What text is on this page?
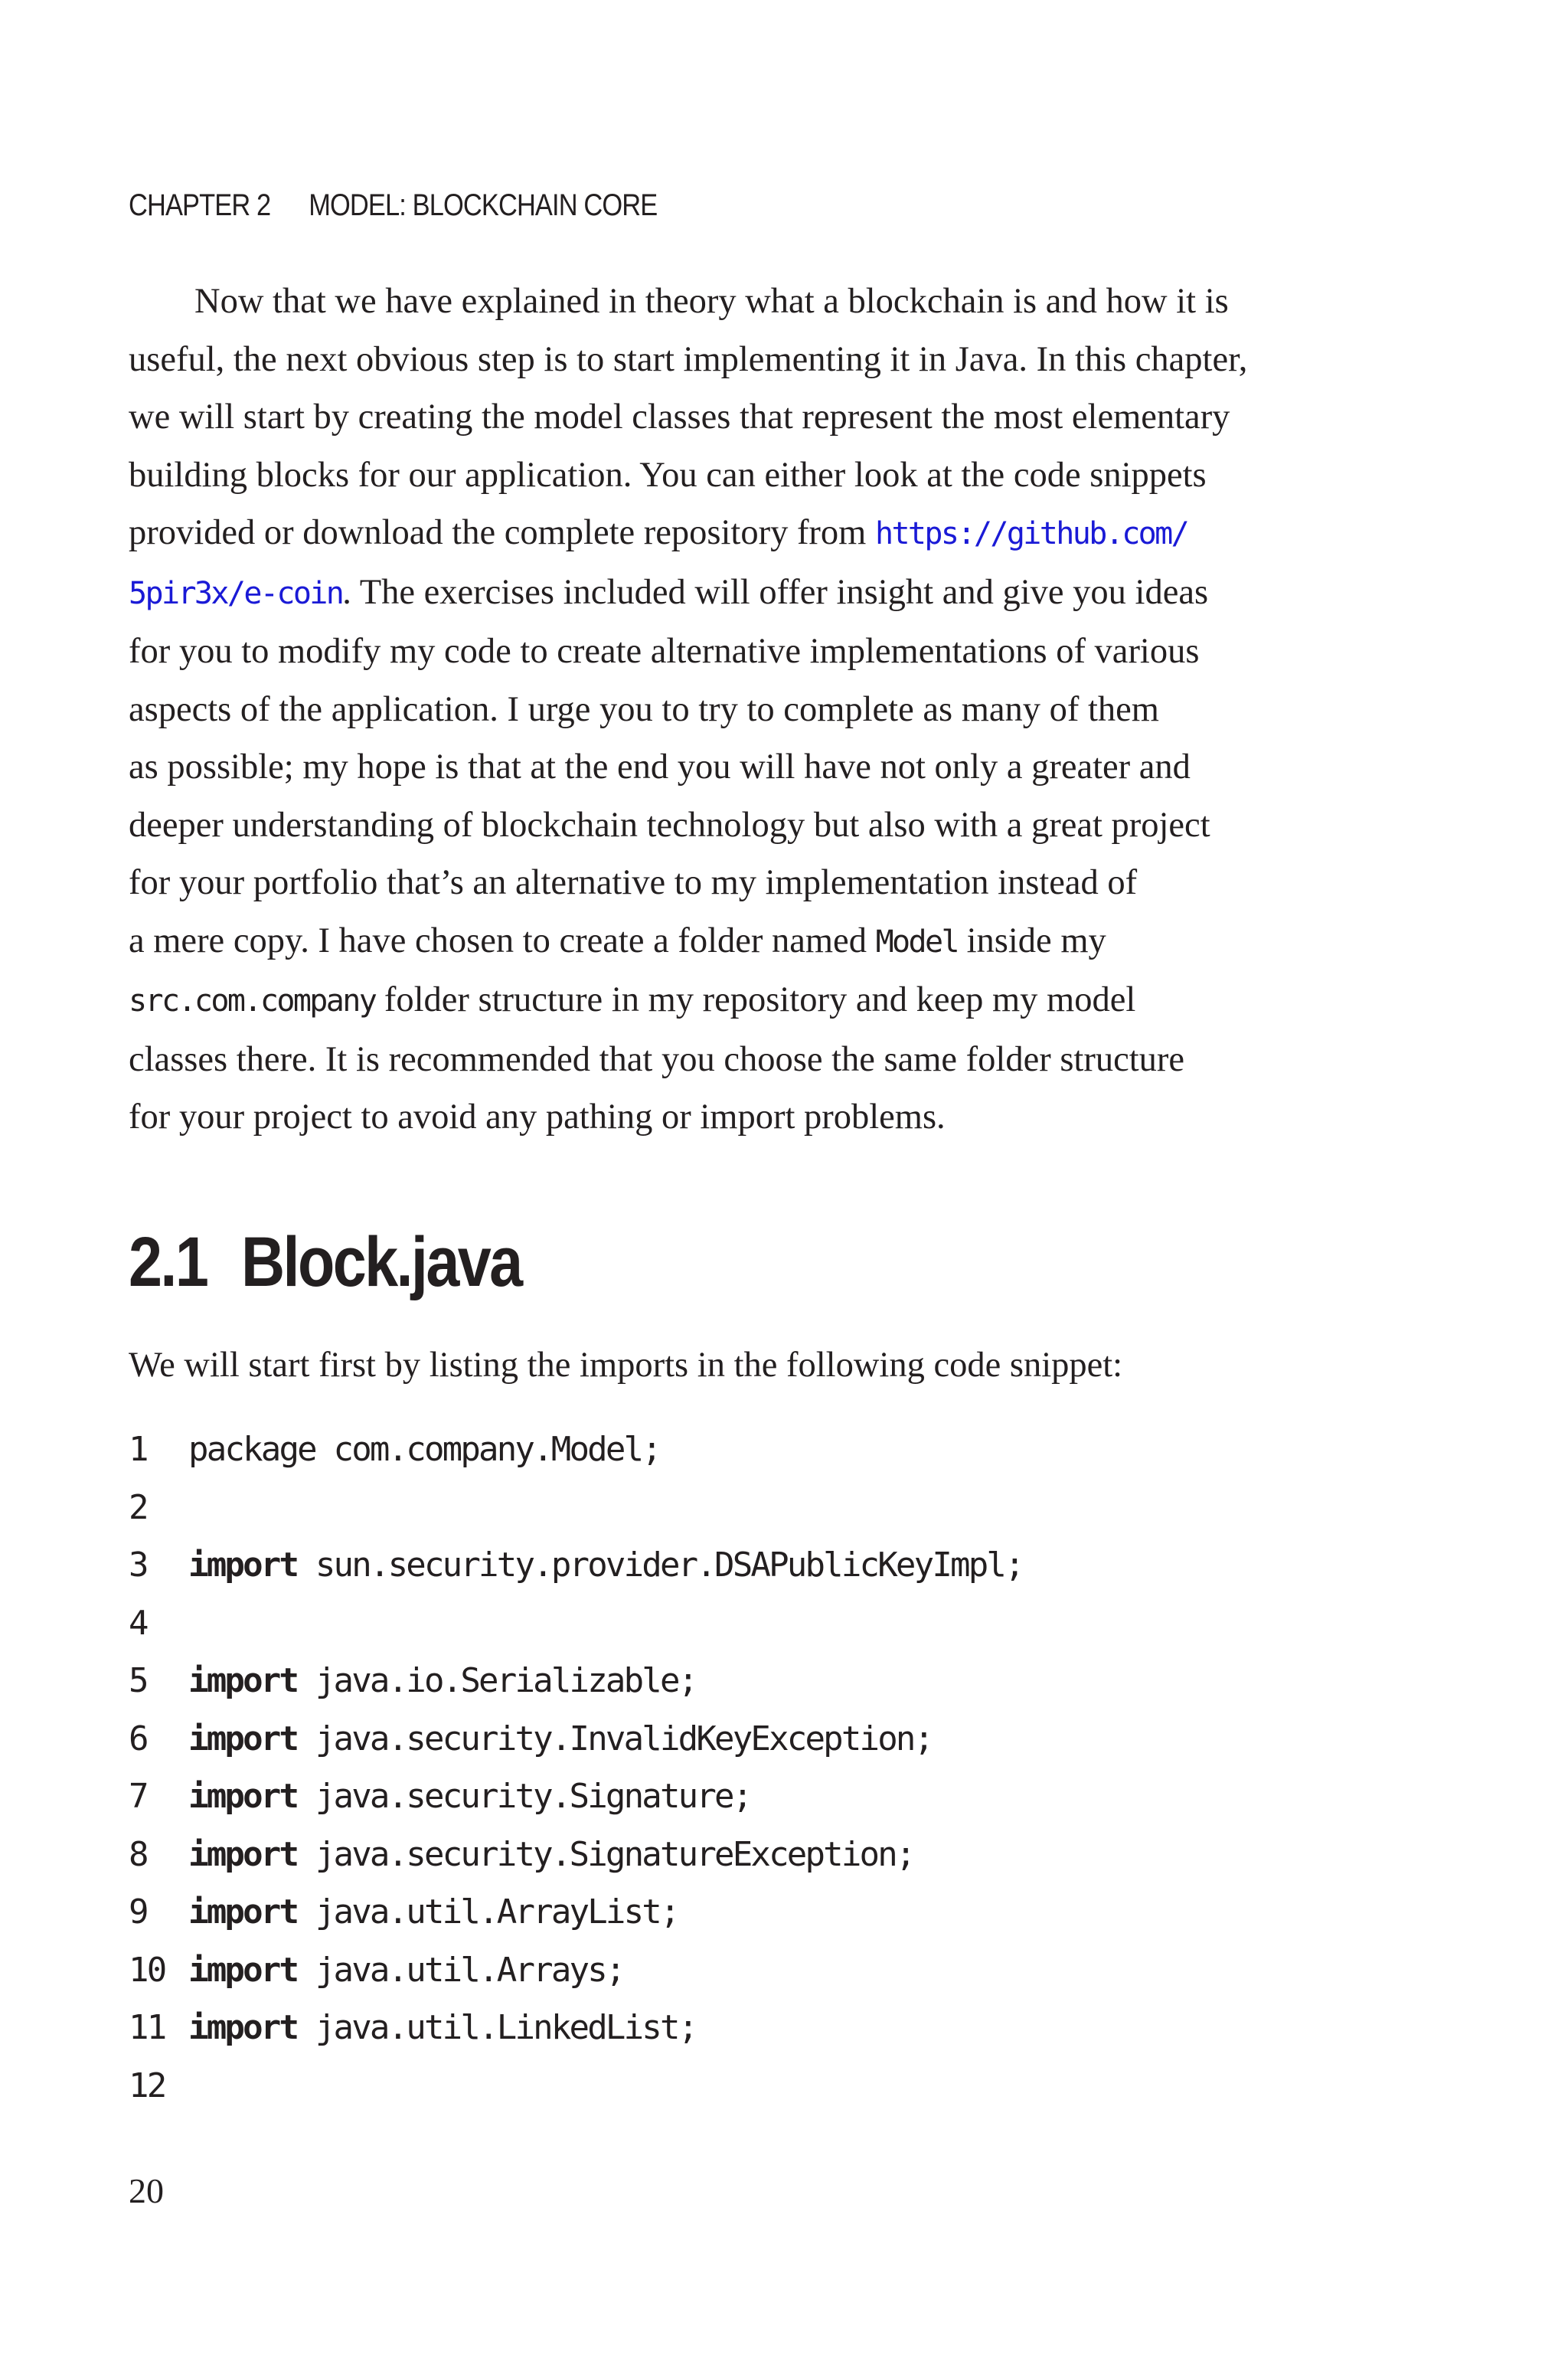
CHAPTER 2 MODEL: BLOCKCHAIN CORE

Now that we have explained in theory what a blockchain is and how it is
useful, the next obvious step is to start implementing it in Java. In this chapter,
we will start by creating the model classes that represent the most elementary
building blocks for our application. You can either look at the code snippets
provided or download the complete repository from https://github.com/
5pir3x/e-coin. The exercises included will offer insight and give you ideas
for you to modify my code to create alternative implementations of various
aspects of the application. I urge you to try to complete as many of them
as possible; my hope is that at the end you will have not only a greater and
deeper understanding of blockchain technology but also with a great project
for your portfolio that’s an alternative to my implementation instead of
a mere copy. I have chosen to create a folder named Model inside my
src.com.company folder structure in my repository and keep my model
classes there. It is recommended that you choose the same folder structure
for your project to avoid any pathing or import problems.

2.1 Block.java

We will start first by listing the imports in the following code snippet:

1 package com.company.Model;
2
3 import sun.security.provider.DSAPublicKeyImpl;
4
5 import java.io.Serializable;
6 import java.security.InvalidKeyException;
7 import java.security.Signature;
8 import java.security.SignatureException;
9 import java.util.ArrayList;
10 import java.util.Arrays;
11 import java.util.LinkedList;
12

20
